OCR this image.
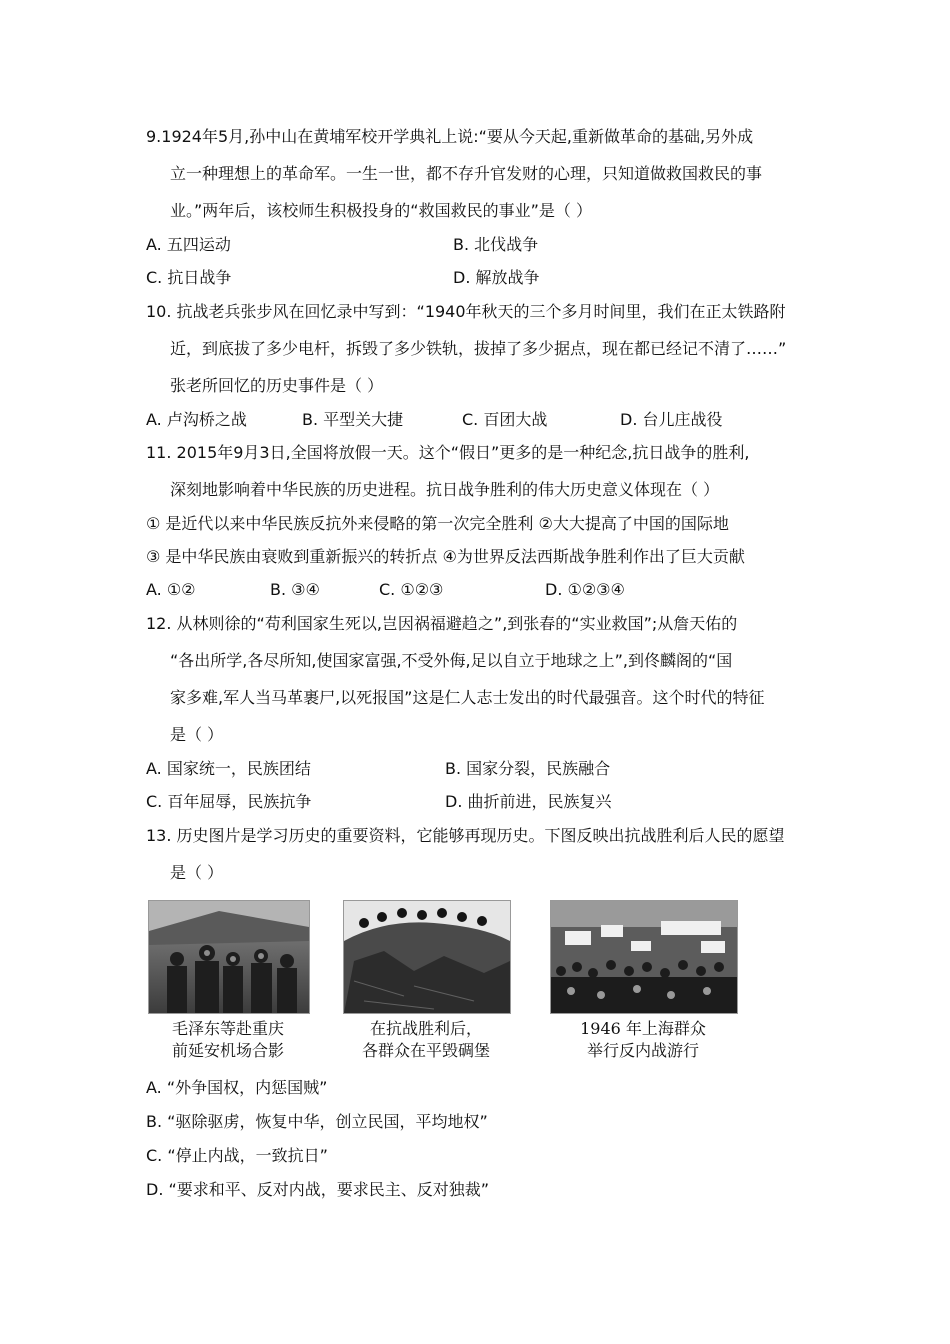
9.1924年5月,孙中山在黄埔军校开学典礼上说:“要从今天起,重新做革命的基础,另外成
立一种理想上的革命军。一生一世，都不存升官发财的心理，只知道做救国救民的事
业。”两年后，该校师生积极投身的“救国救民的事业”是（ ）
A. 五四运动	B. 北伐战争
C. 抗日战争	D. 解放战争
10. 抗战老兵张步风在回忆录中写到：“1940年秋天的三个多月时间里，我们在正太铁路附
近，到底拔了多少电杆，拆毁了多少铁轨，拔掉了多少据点，现在都已经记不清了……”
张老所回忆的历史事件是（ ）
A. 卢沟桥之战	B. 平型关大捷	C. 百团大战	D. 台儿庄战役
11. 2015年9月3日,全国将放假一天。这个“假日”更多的是一种纪念,抗日战争的胜利,
深刻地影响着中华民族的历史进程。抗日战争胜利的伟大历史意义体现在（ ）
① 是近代以来中华民族反抗外来侵略的第一次完全胜利 ②大大提高了中国的国际地
③ 是中华民族由衰败到重新振兴的转折点 ④为世界反法西斯战争胜利作出了巨大贡献
A. ①②	B. ③④	C. ①②③	D. ①②③④
12. 从林则徐的“苟利国家生死以,岂因祸福避趋之”,到张春的“实业救国”;从詹天佑的
“各出所学,各尽所知,使国家富强,不受外侮,足以自立于地球之上”,到佟麟阁的“国
家多难,军人当马革裹尸,以死报国”这是仁人志士发出的时代最强音。这个时代的特征
是（ ）
A. 国家统一，民族团结	B. 国家分裂，民族融合
C. 百年屈辱，民族抗争	D. 曲折前进，民族复兴
13. 历史图片是学习历史的重要资料，它能够再现历史。下图反映出抗战胜利后人民的愿望
是（ ）
毛泽东等赴重庆
前延安机场合影
在抗战胜利后，
各群众在平毁碉堡
1946 年上海群众
举行反内战游行
A. “外争国权，内惩国贼”
B. “驱除驱虏，恢复中华，创立民国，平均地权”
C. “停止内战，一致抗日”
D. “要求和平、反对内战，要求民主、反对独裁”
